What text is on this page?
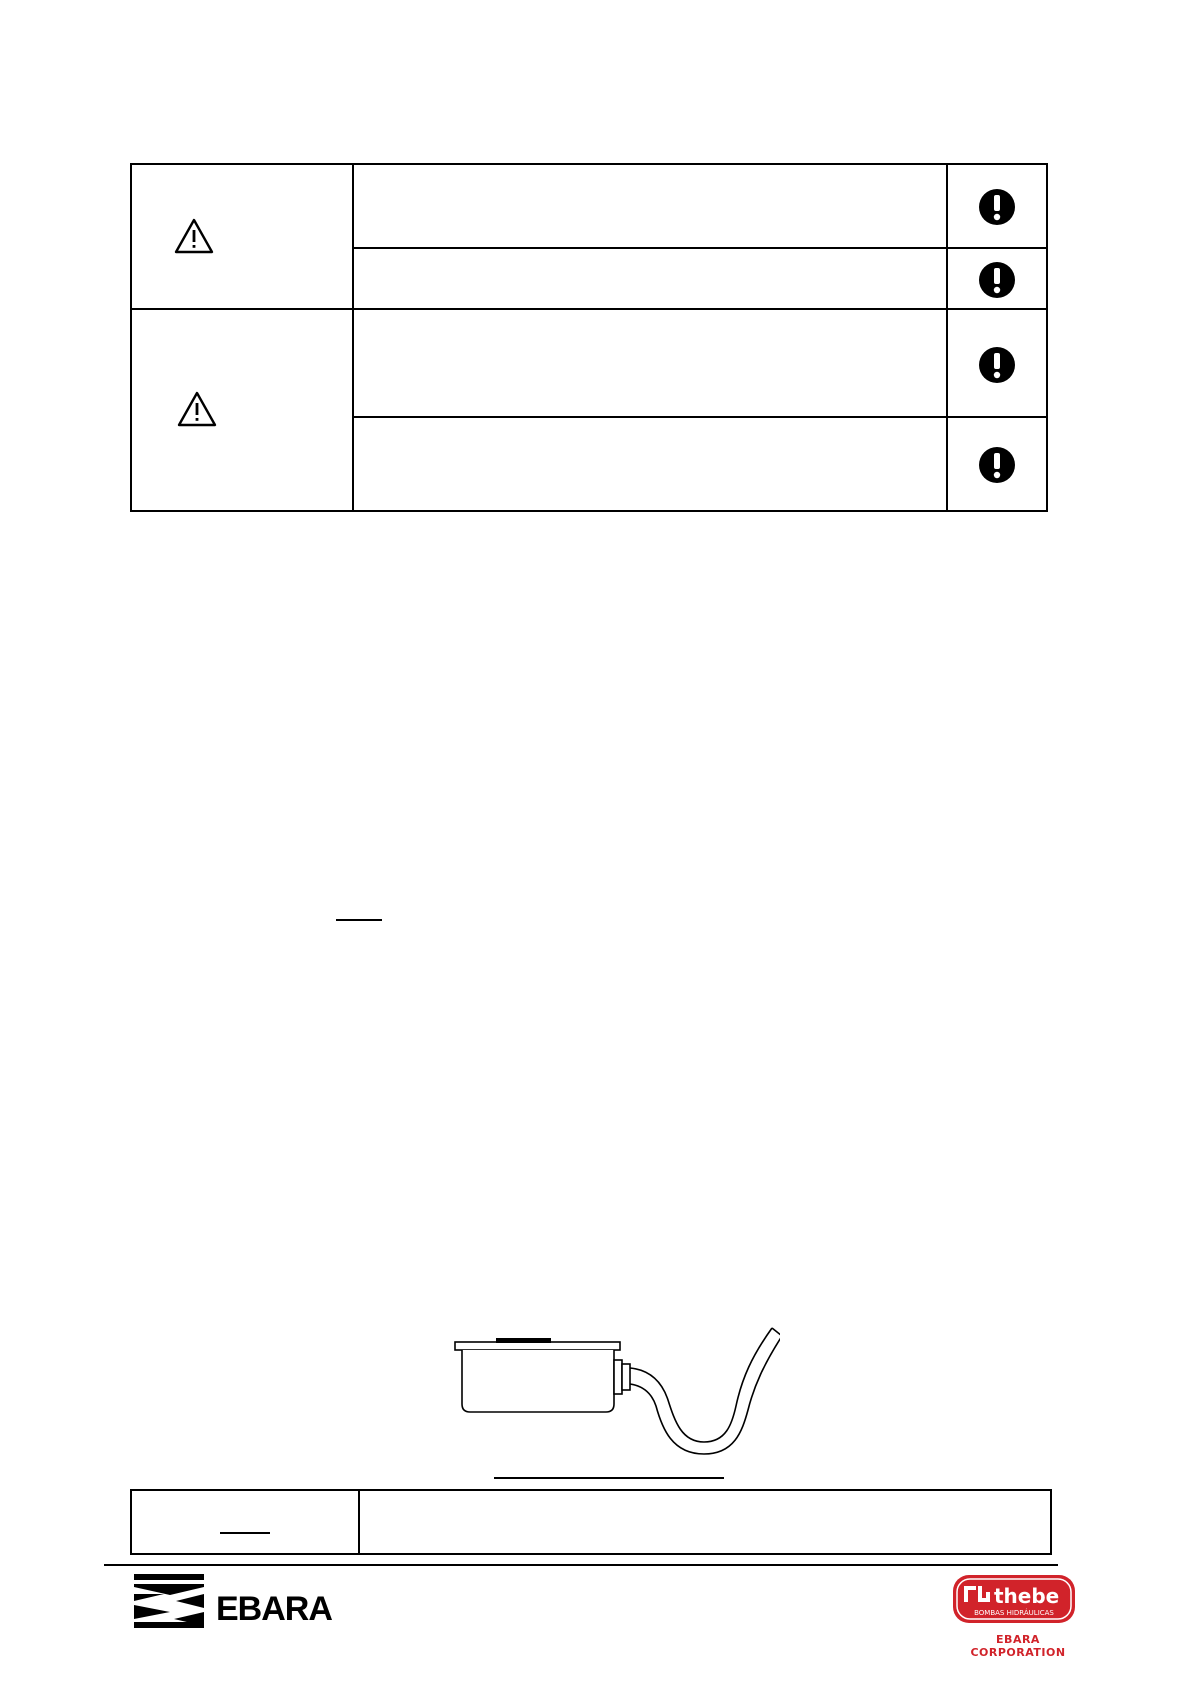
EBARA	thebe
BOMBAS HIDRÁULICAS
EBARA CORPORATION
